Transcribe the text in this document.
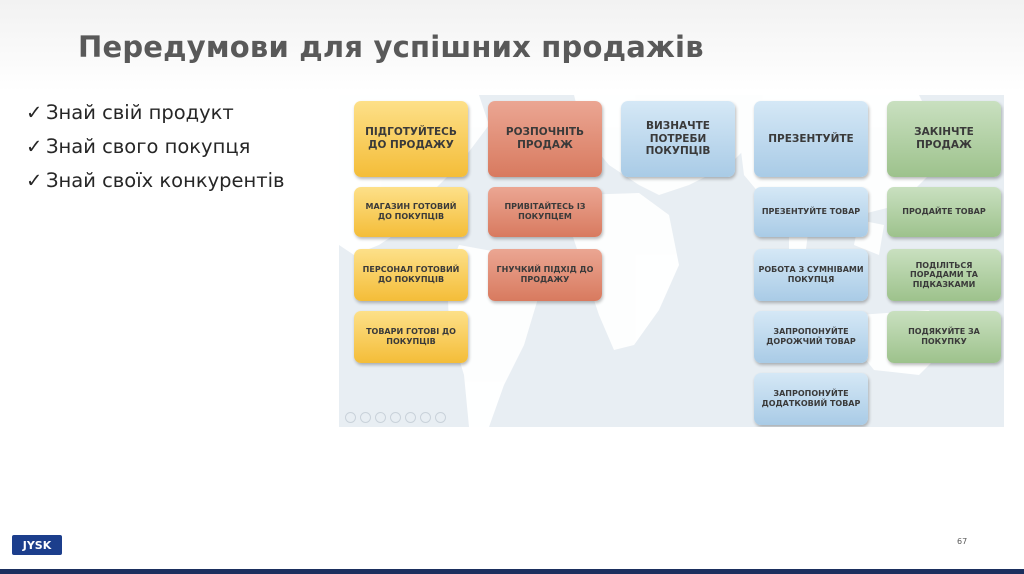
Передумови для успішних продажів
✓ Знай свій продукт
✓ Знай свого покупця
✓ Знай своїх конкурентів
ПІДГОТУЙТЕСЬ ДО ПРОДАЖУ
МАГАЗИН ГОТОВИЙ ДО ПОКУПЦІВ
ПЕРСОНАЛ ГОТОВИЙ ДО ПОКУПЦІВ
ТОВАРИ ГОТОВІ ДО ПОКУПЦІВ
РОЗПОЧНІТЬ ПРОДАЖ
ПРИВІТАЙТЕСЬ ІЗ ПОКУПЦЕМ
ГНУЧКИЙ ПІДХІД ДО ПРОДАЖУ
ВИЗНАЧТЕ ПОТРЕБИ ПОКУПЦІВ
ПРЕЗЕНТУЙТЕ
ПРЕЗЕНТУЙТЕ ТОВАР
РОБОТА З СУМНІВАМИ ПОКУПЦЯ
ЗАПРОПОНУЙТЕ ДОРОЖЧИЙ ТОВАР
ЗАПРОПОНУЙТЕ ДОДАТКОВИЙ ТОВАР
ЗАКІНЧТЕ ПРОДАЖ
ПРОДАЙТЕ ТОВАР
ПОДІЛІТЬСЯ ПОРАДАМИ ТА ПІДКАЗКАМИ
ПОДЯКУЙТЕ ЗА ПОКУПКУ
JYSK	67
